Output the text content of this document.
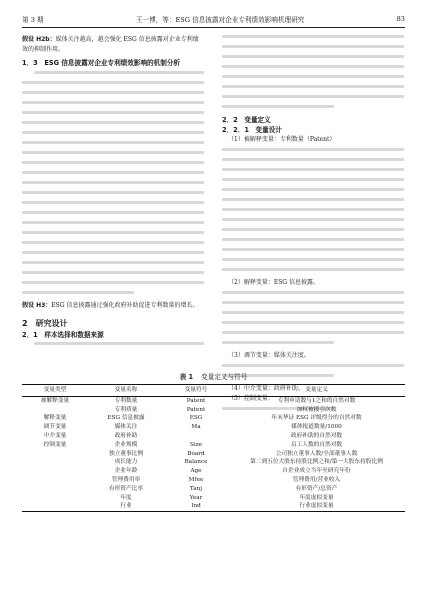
第 3 期	王一博，等：ESG 信息披露对企业专利绩效影响机理研究	83

假设 H2b：媒体关注越高，越会强化 ESG 信息披露对企业专利绩效的抑制作用。

1．3　ESG 信息披露对企业专利绩效影响的机制分析

假设 H3：ESG 信息披露通过强化政府补助促进专利数量的增长。

2　研究设计
2．1　样本选择和数据来源
2．2　变量定义
2．2．1　变量设计
（1）被解释变量：专利数量（Patent）
（2）解释变量：ESG 信息披露。
（3）调节变量：媒体关注度。
（4）中介变量：政府补助。
（5）控制变量：
表 1 变量定义与符号
变量类型	变量名称	变量符号	变量定义
被解释变量	专利数量	Patent	专利申请数与1之和的自然对数
	专利质量	Patent	加权被援引次数
解释变量	ESG 信息披露	ESG	年末华证 ESG 评级得分的自然对数
调节变量	媒体关注	Ma	媒体报道数量/1000
中介变量	政府补助		政府补助的自然对数
控制变量	企业规模	Size	员工人数的自然对数
	独立董事比例	Board	公司独立董事人数/全部董事人数
	成长能力	Balance	第二到五位大股东持股比例之和/第一大股东持股比例
	企业年龄	Age	自企业成立当年至研究年份
	管理费用率	Mfee	管理费用/营业收入
	有形资产比率	Tanj	有形资产/总资产
	年度	Year	年度虚拟变量
	行业	Ind	行业虚拟变量
